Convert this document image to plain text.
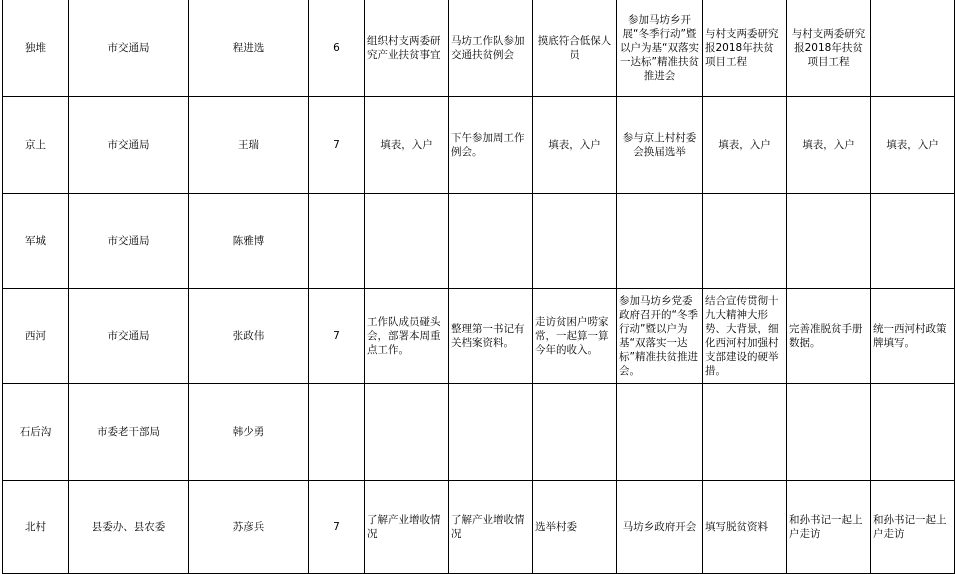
独堆	市交通局	程进选	6	组织村支两委研究产业扶贫事宜	马坊工作队参加交通扶贫例会	摸底符合低保人员	参加马坊乡开展“冬季行动”暨以户为基“双落实一达标”精准扶贫推进会	与村支两委研究报2018年扶贫项目工程	与村支两委研究报2018年扶贫项目工程	
京上	市交通局	王瑞	7	填表，入户	下午参加周工作例会。	填表，入户	参与京上村村委会换届选举	填表，入户	填表，入户	填表，入户
军城	市交通局	陈雅博								
西河	市交通局	张政伟	7	工作队成员碰头会，部署本周重点工作。	整理第一书记有关档案资料。	走访贫困户唠家常，一起算一算今年的收入。	参加马坊乡党委政府召开的“冬季行动”暨以户为基“双落实一达标”精准扶贫推进会。	结合宣传贯彻十九大精神大形势、大背景，细化西河村加强村支部建设的硬举措。	完善准脱贫手册数据。	统一西河村政策牌填写。
石后沟	市委老干部局	韩少勇								
北村	县委办、县农委	苏彦兵	7	了解产业增收情况	了解产业增收情况	选举村委	马坊乡政府开会	填写脱贫资料	和孙书记一起上户走访	和孙书记一起上户走访
